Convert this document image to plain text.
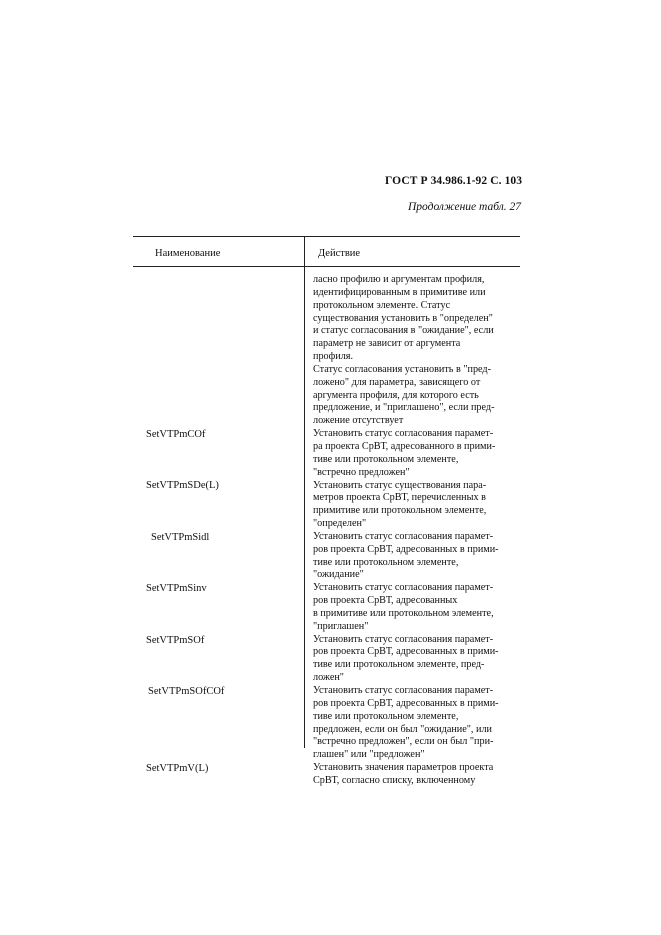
ГОСТ Р 34.986.1-92 С. 103
Продолжение табл. 27
Наименование	Действие
ласно профилю и аргументам профиля,
идентифицированным в примитиве или
протокольном элементе. Статус
существования установить в "определен"
и статус согласования в "ожидание", если
параметр не зависит от аргумента
профиля.
Статус согласования установить в "пред-
ложено" для параметра, зависящего от
аргумента профиля, для которого есть
предложение, и "приглашено", если пред-
ложение отсутствует
Установить статус согласования парамет-
ра проекта СрВТ, адресованного в прими-
тиве или протокольном элементе,
"встречно предложен"
Установить статус существования пара-
метров проекта СрВТ, перечисленных в
примитиве или протокольном элементе,
"определен"
Установить статус согласования парамет-
ров проекта СрВТ, адресованных в прими-
тиве или протокольном элементе,
"ожидание"
Установить статус согласования парамет-
ров проекта СрВТ, адресованных
в примитиве или протокольном элементе,
"приглашен"
Установить статус согласования парамет-
ров проекта СрВТ, адресованных в прими-
тиве или протокольном элементе, пред-
ложен"
Установить статус согласования парамет-
ров проекта СрВТ, адресованных в прими-
тиве или протокольном элементе,
предложен, если он был "ожидание", или
"встречно предложен", если он был "при-
глашен" или "предложен"
Установить значения параметров проекта
СрВТ, согласно списку, включенному
SetVTPmCOf
SetVTPmSDe(L)
SetVTPmSidl
SetVTPmSinv
SetVTPmSOf
SetVTPmSOfCOf
SetVTPmV(L)
